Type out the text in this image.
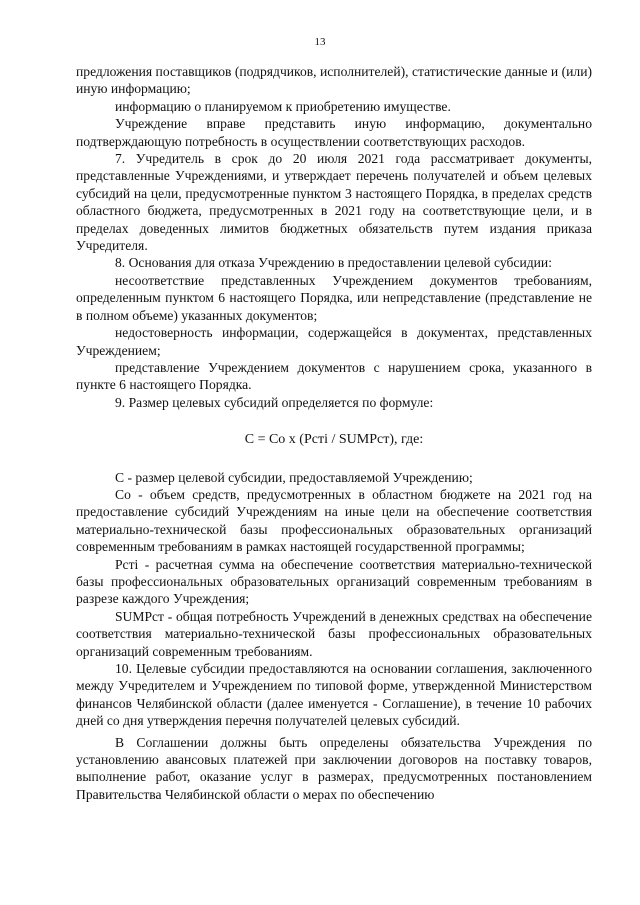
13

предложения поставщиков (подрядчиков, исполнителей), статистические данные и (или) иную информацию;

информацию о планируемом к приобретению имуществе.

Учреждение вправе представить иную информацию, документально подтверждающую потребность в осуществлении соответствующих расходов.

7. Учредитель в срок до 20 июля 2021 года рассматривает документы, представленные Учреждениями, и утверждает перечень получателей и объем целевых субсидий на цели, предусмотренные пунктом 3 настоящего Порядка, в пределах средств областного бюджета, предусмотренных в 2021 году на соответствующие цели, и в пределах доведенных лимитов бюджетных обязательств путем издания приказа Учредителя.

8. Основания для отказа Учреждению в предоставлении целевой субсидии:

несоответствие представленных Учреждением документов требованиям, определенным пунктом 6 настоящего Порядка, или непредставление (представление не в полном объеме) указанных документов;

недостоверность информации, содержащейся в документах, представленных Учреждением;

представление Учреждением документов с нарушением срока, указанного в пункте 6 настоящего Порядка.

9. Размер целевых субсидий определяется по формуле:

С = Со x (Рсті / SUMРст), где:

С - размер целевой субсидии, предоставляемой Учреждению;

Со - объем средств, предусмотренных в областном бюджете на 2021 год на предоставление субсидий Учреждениям на иные цели на обеспечение соответствия материально-технической базы профессиональных образовательных организаций современным требованиям в рамках настоящей государственной программы;

Рсті - расчетная сумма на обеспечение соответствия материально-технической базы профессиональных образовательных организаций современным требованиям в разрезе каждого Учреждения;

SUMРст - общая потребность Учреждений в денежных средствах на обеспечение соответствия материально-технической базы профессиональных образовательных организаций современным требованиям.

10. Целевые субсидии предоставляются на основании соглашения, заключенного между Учредителем и Учреждением по типовой форме, утвержденной Министерством финансов Челябинской области (далее именуется - Соглашение), в течение 10 рабочих дней со дня утверждения перечня получателей целевых субсидий.

В Соглашении должны быть определены обязательства Учреждения по установлению авансовых платежей при заключении договоров на поставку товаров, выполнение работ, оказание услуг в размерах, предусмотренных постановлением Правительства Челябинской области о мерах по обеспечению
